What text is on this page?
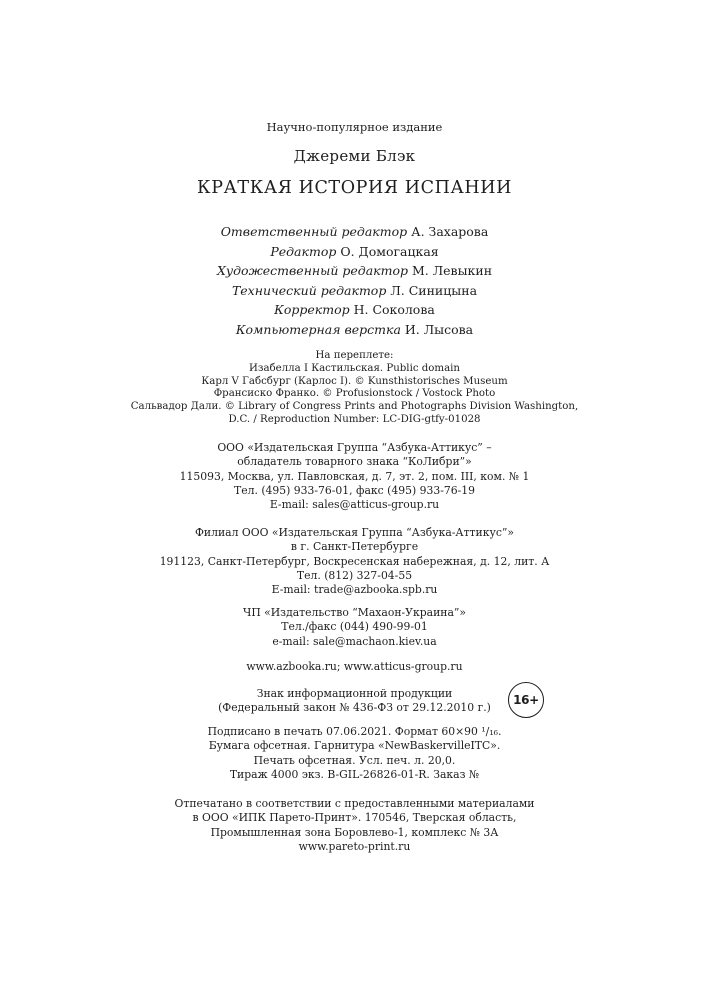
Научно-популярное издание
Джереми Блэк
КРАТКАЯ ИСТОРИЯ ИСПАНИИ
Ответственный редактор А. Захарова
Редактор О. Домогацкая
Художественный редактор М. Левыкин
Технический редактор Л. Синицына
Корректор Н. Соколова
Компьютерная верстка И. Лысова
На переплете:
Изабелла I Кастильская. Public domain
Карл V Габсбург (Карлос I). © Kunsthistorisches Museum
Франсиско Франко. © Profusionstock / Vostock Photo
Сальвадор Дали. © Library of Congress Prints and Photographs Division Washington,
D.C. / Reproduction Number: LC-DIG-gtfy-01028
ООО «Издательская Группа “Азбука-Аттикус” –
обладатель товарного знака “КоЛибри”»
115093, Москва, ул. Павловская, д. 7, эт. 2, пом. III, ком. № 1
Тел. (495) 933-76-01, факс (495) 933-76-19
E-mail: sales@atticus-group.ru
Филиал ООО «Издательская Группа “Азбука-Аттикус”»
в г. Санкт-Петербурге
191123, Санкт-Петербург, Воскресенская набережная, д. 12, лит. А
Тел. (812) 327-04-55
E-mail: trade@azbooka.spb.ru
ЧП «Издательство “Махаон-Украина”»
Тел./факс (044) 490-99-01
e-mail: sale@machaon.kiev.ua
www.azbooka.ru; www.atticus-group.ru
Знак информационной продукции
(Федеральный закон № 436-ФЗ от 29.12.2010 г.)
16+
Подписано в печать 07.06.2021. Формат 60×90 ¹/₁₆.
Бумага офсетная. Гарнитура «NewBaskervilleITC».
Печать офсетная. Усл. печ. л. 20,0.
Тираж 4000 экз. B-GIL-26826-01-R. Заказ №
Отпечатано в соответствии с предоставленными материалами
в ООО «ИПК Парето-Принт». 170546, Тверская область,
Промышленная зона Боровлево-1, комплекс № 3А
www.pareto-print.ru
